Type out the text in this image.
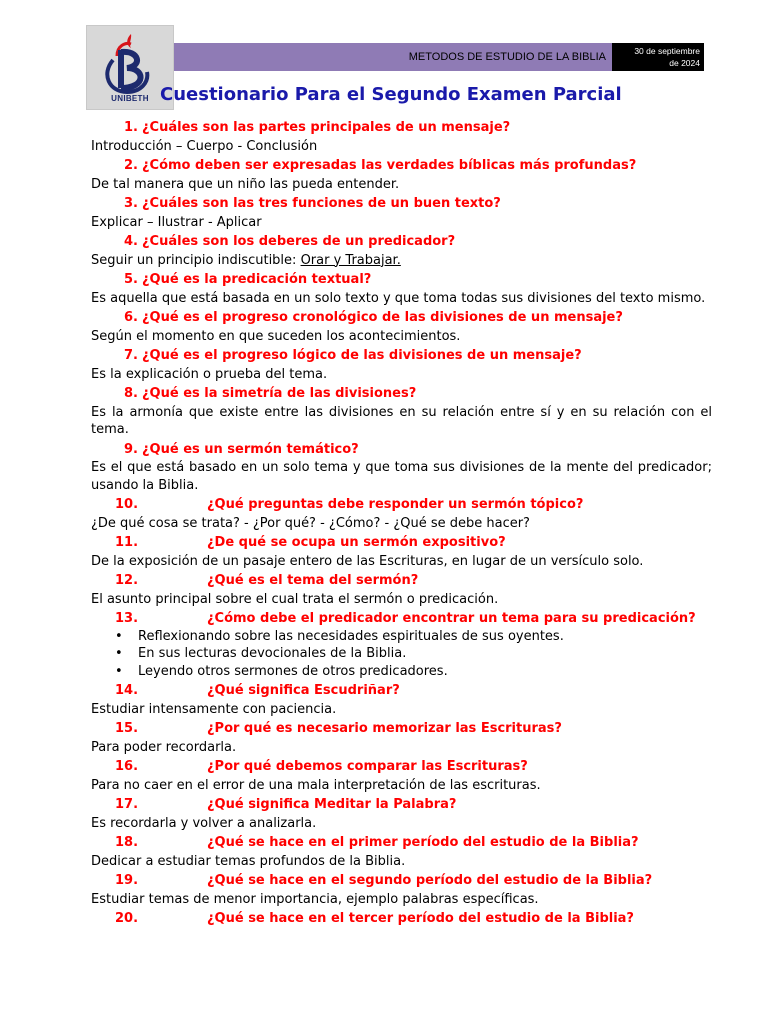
METODOS DE ESTUDIO DE LA BIBLIA	30 de septiembre
de 2024
UNIBETH Cuestionario Para el Segundo Examen Parcial
1. ¿Cuáles son las partes principales de un mensaje?
Introducción – Cuerpo - Conclusión
2. ¿Cómo deben ser expresadas las verdades bíblicas más profundas?
De tal manera que un niño las pueda entender.
3. ¿Cuáles son las tres funciones de un buen texto?
Explicar – Ilustrar - Aplicar
4. ¿Cuáles son los deberes de un predicador?
Seguir un principio indiscutible: Orar y Trabajar.
5. ¿Qué es la predicación textual?
Es aquella que está basada en un solo texto y que toma todas sus divisiones del texto mismo.
6. ¿Qué es el progreso cronológico de las divisiones de un mensaje?
Según el momento en que suceden los acontecimientos.
7. ¿Qué es el progreso lógico de las divisiones de un mensaje?
Es la explicación o prueba del tema.
8. ¿Qué es la simetría de las divisiones?
Es la armonía que existe entre las divisiones en su relación entre sí y en su relación con el tema.
9. ¿Qué es un sermón temático?
Es el que está basado en un solo tema y que toma sus divisiones de la mente del predicador; usando la Biblia.
10.	¿Qué preguntas debe responder un sermón tópico?
¿De qué cosa se trata? - ¿Por qué? - ¿Cómo? - ¿Qué se debe hacer?
11.	¿De qué se ocupa un sermón expositivo?
De la exposición de un pasaje entero de las Escrituras, en lugar de un versículo solo.
12.	¿Qué es el tema del sermón?
El asunto principal sobre el cual trata el sermón o predicación.
13.	¿Cómo debe el predicador encontrar un tema para su predicación?
• Reflexionando sobre las necesidades espirituales de sus oyentes.
• En sus lecturas devocionales de la Biblia.
• Leyendo otros sermones de otros predicadores.
14.	¿Qué significa Escudriñar?
Estudiar intensamente con paciencia.
15.	¿Por qué es necesario memorizar las Escrituras?
Para poder recordarla.
16.	¿Por qué debemos comparar las Escrituras?
Para no caer en el error de una mala interpretación de las escrituras.
17.	¿Qué significa Meditar la Palabra?
Es recordarla y volver a analizarla.
18.	¿Qué se hace en el primer período del estudio de la Biblia?
Dedicar a estudiar temas profundos de la Biblia.
19.	¿Qué se hace en el segundo período del estudio de la Biblia?
Estudiar temas de menor importancia, ejemplo palabras específicas.
20.	¿Qué se hace en el tercer período del estudio de la Biblia?
